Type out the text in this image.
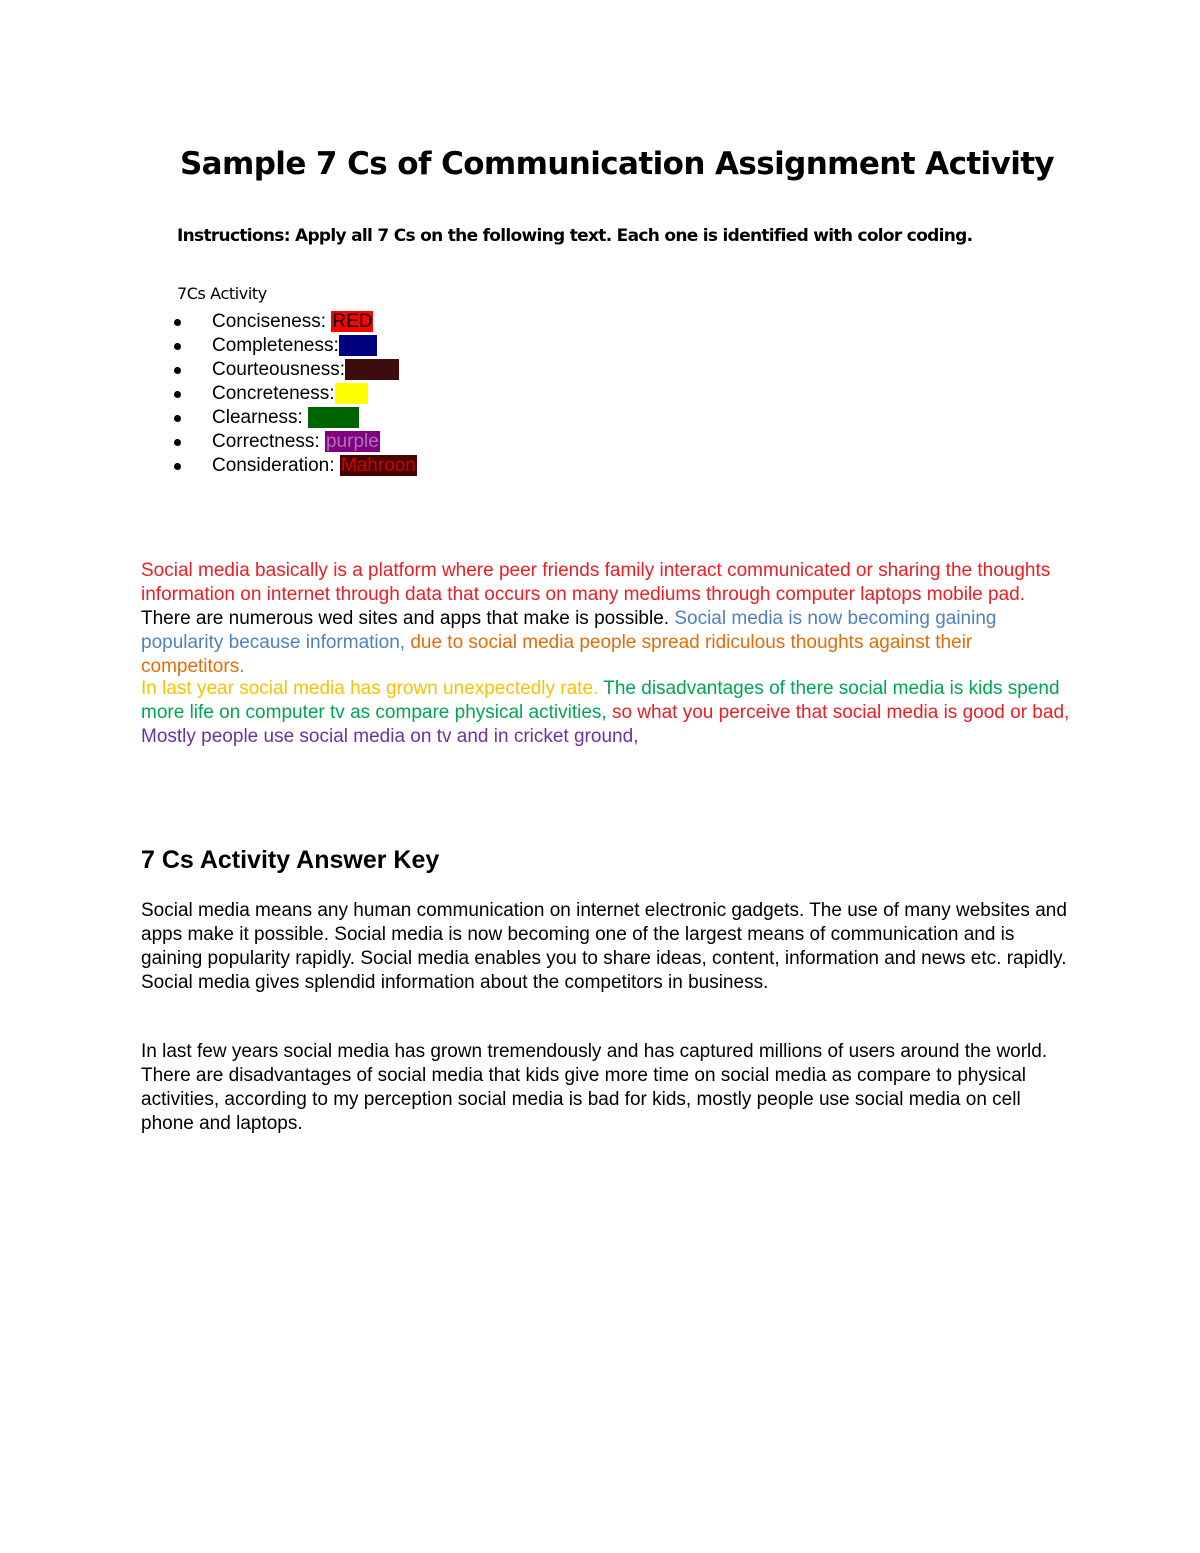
Sample 7 Cs of Communication Assignment Activity
Instructions: Apply all 7 Cs on the following text. Each one is identified with color coding.
7Cs Activity
Conciseness: RED
Completeness:blue
Courteousness:brown
Concreteness:
Clearness: green
Correctness: purple
Consideration: Mahroon
Social media basically is a platform where peer friends family interact communicated or sharing the thoughts information on internet through data that occurs on many mediums through computer laptops mobile pad. There are numerous wed sites and apps that make is possible. Social media is now becoming gaining popularity because information, due to social media people spread ridiculous thoughts against their competitors.
In last year social media has grown unexpectedly rate. The disadvantages of there social media is kids spend more life on computer tv as compare physical activities, so what you perceive that social media is good or bad, Mostly people use social media on tv and in cricket ground,
7 Cs Activity Answer Key
Social media means any human communication on internet electronic gadgets. The use of many websites and apps make it possible. Social media is now becoming one of the largest means of communication and is gaining popularity rapidly. Social media enables you to share ideas, content, information and news etc. rapidly. Social media gives splendid information about the competitors in business.
In last few years social media has grown tremendously and has captured millions of users around the world. There are disadvantages of social media that kids give more time on social media as compare to physical activities, according to my perception social media is bad for kids, mostly people use social media on cell phone and laptops.
